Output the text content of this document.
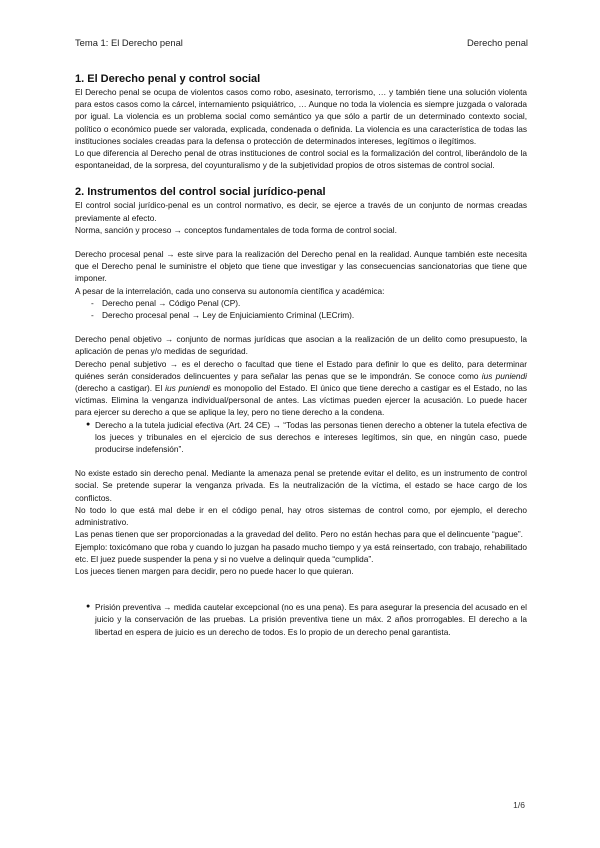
Tema 1: El Derecho penal	Derecho penal
1. El Derecho penal y control social

El Derecho penal se ocupa de violentos casos como robo, asesinato, terrorismo, … y también tiene una solución violenta para estos casos como la cárcel, internamiento psiquiátrico, … Aunque no toda la violencia es siempre juzgada o valorada por igual. La violencia es un problema social como semántico ya que sólo a partir de un determinado contexto social, político o económico puede ser valorada, explicada, condenada o definida. La violencia es una característica de todas las instituciones sociales creadas para la defensa o protección de determinados intereses, legítimos o ilegítimos.

Lo que diferencia al Derecho penal de otras instituciones de control social es la formalización del control, liberándolo de la espontaneidad, de la sorpresa, del coyunturalismo y de la subjetividad propios de otros sistemas de control social.

2. Instrumentos del control social jurídico-penal

El control social jurídico-penal es un control normativo, es decir, se ejerce a través de un conjunto de normas creadas previamente al efecto.

Norma, sanción y proceso → conceptos fundamentales de toda forma de control social.

Derecho procesal penal → este sirve para la realización del Derecho penal en la realidad. Aunque también este necesita que el Derecho penal le suministre el objeto que tiene que investigar y las consecuencias sancionatorias que tiene que imponer.

A pesar de la interrelación, cada uno conserva su autonomía científica y académica:

- Derecho penal → Código Penal (CP).
- Derecho procesal penal → Ley de Enjuiciamiento Criminal (LECrim).

Derecho penal objetivo → conjunto de normas jurídicas que asocian a la realización de un delito como presupuesto, la aplicación de penas y/o medidas de seguridad.

Derecho penal subjetivo → es el derecho o facultad que tiene el Estado para definir lo que es delito, para determinar quiénes serán considerados delincuentes y para señalar las penas que se le impondrán. Se conoce como ius puniendi (derecho a castigar). El ius puniendi es monopolio del Estado. El único que tiene derecho a castigar es el Estado, no las víctimas. Elimina la venganza individual/personal de antes. Las víctimas pueden ejercer la acusación. Lo puede hacer para ejercer su derecho a que se aplique la ley, pero no tiene derecho a la condena.

● Derecho a la tutela judicial efectiva (Art. 24 CE) → “Todas las personas tienen derecho a obtener la tutela efectiva de los jueces y tribunales en el ejercicio de sus derechos e intereses legítimos, sin que, en ningún caso, puede producirse indefensión”.

No existe estado sin derecho penal. Mediante la amenaza penal se pretende evitar el delito, es un instrumento de control social. Se pretende superar la venganza privada. Es la neutralización de la víctima, el estado se hace cargo de los conflictos.

No todo lo que está mal debe ir en el código penal, hay otros sistemas de control como, por ejemplo, el derecho administrativo.

Las penas tienen que ser proporcionadas a la gravedad del delito. Pero no están hechas para que el delincuente “pague”.

Ejemplo: toxicómano que roba y cuando lo juzgan ha pasado mucho tiempo y ya está reinsertado, con trabajo, rehabilitado etc. El juez puede suspender la pena y si no vuelve a delinquir queda “cumplida”.

Los jueces tienen margen para decidir, pero no puede hacer lo que quieran.

● Prisión preventiva → medida cautelar excepcional (no es una pena). Es para asegurar la presencia del acusado en el juicio y la conservación de las pruebas. La prisión preventiva tiene un máx. 2 años prorrogables. El derecho a la libertad en espera de juicio es un derecho de todos. Es lo propio de un derecho penal garantista.
1/6
